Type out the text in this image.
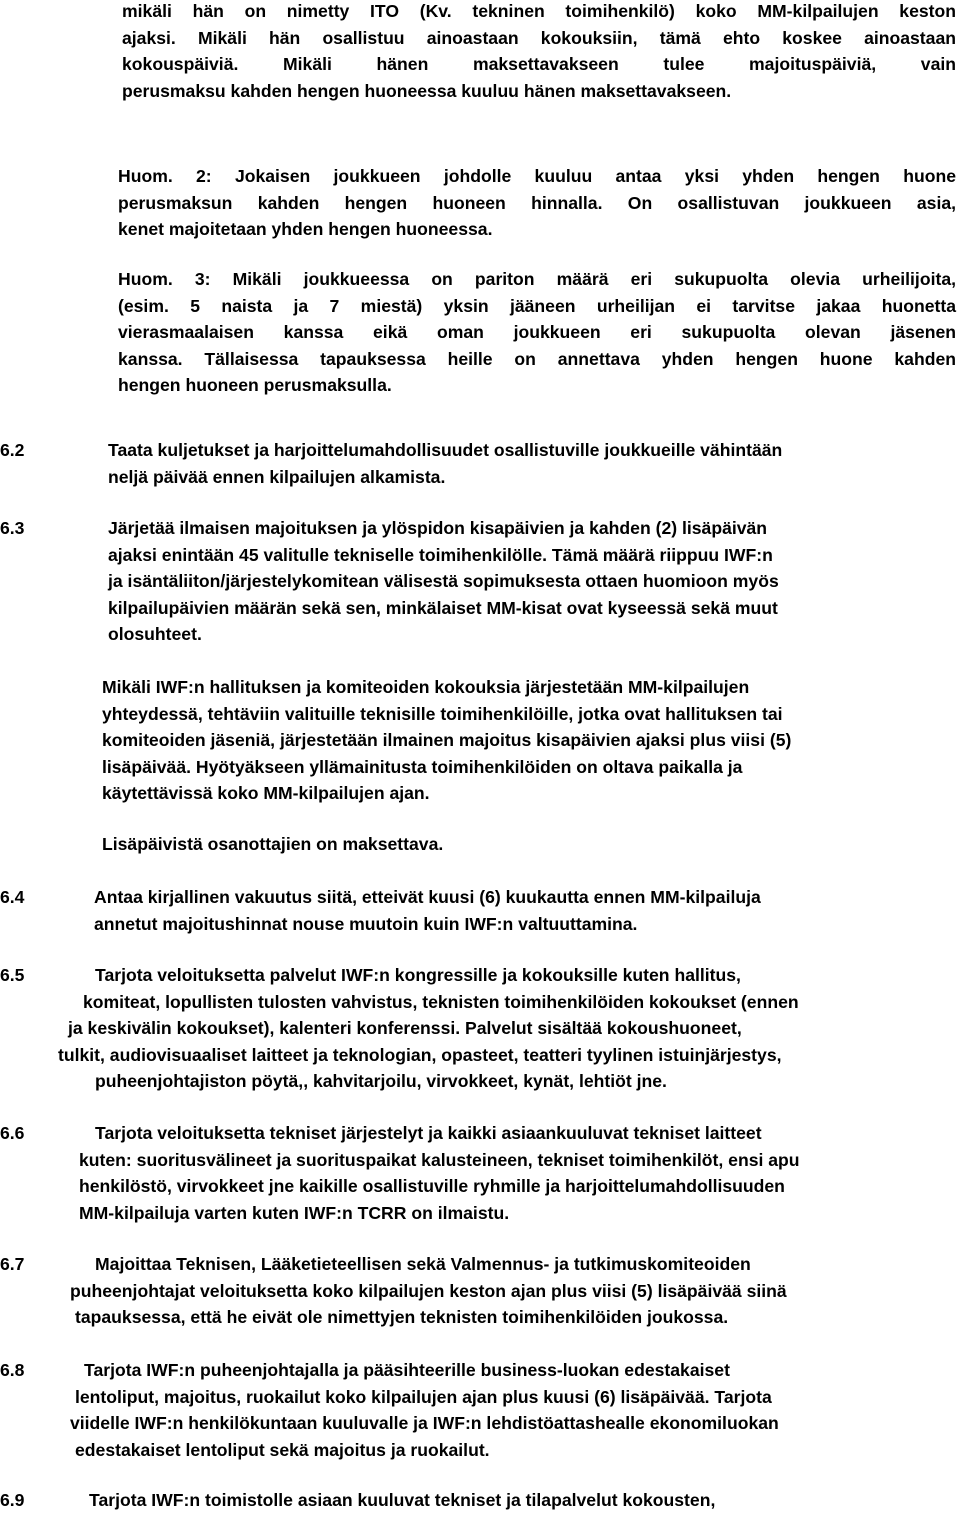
mikäli hän on nimetty ITO (Kv. tekninen toimihenkilö) koko MM-kilpailujen keston
ajaksi. Mikäli hän osallistuu ainoastaan kokouksiin, tämä ehto koskee ainoastaan
kokouspäiviä. Mikäli hänen maksettavakseen tulee majoituspäiviä, vain
perusmaksu kahden hengen huoneessa kuuluu hänen maksettavakseen.
Huom. 2: Jokaisen joukkueen johdolle kuuluu antaa yksi yhden hengen huone
perusmaksun kahden hengen huoneen hinnalla. On osallistuvan joukkueen asia,
kenet majoitetaan yhden hengen huoneessa.
Huom. 3: Mikäli joukkueessa on pariton määrä eri sukupuolta olevia urheilijoita,
(esim. 5 naista ja 7 miestä) yksin jääneen urheilijan ei tarvitse jakaa huonetta
vierasmaalaisen kanssa eikä oman joukkueen eri sukupuolta olevan jäsenen
kanssa. Tällaisessa tapauksessa heille on annettava yhden hengen huone kahden
hengen huoneen perusmaksulla.
6.2	Taata kuljetukset ja harjoittelumahdollisuudet osallistuville joukkueille vähintään
neljä päivää ennen kilpailujen alkamista.
6.3	Järjetää ilmaisen majoituksen ja ylöspidon kisapäivien ja kahden (2) lisäpäivän
ajaksi enintään 45 valitulle tekniselle toimihenkilölle. Tämä määrä riippuu IWF:n
ja isäntäliiton/järjestelykomitean välisestä sopimuksesta ottaen huomioon myös
kilpailupäivien määrän sekä sen, minkälaiset MM-kisat ovat kyseessä sekä muut
olosuhteet.
Mikäli IWF:n hallituksen ja komiteoiden kokouksia järjestetään MM-kilpailujen
yhteydessä, tehtäviin valituille teknisille toimihenkilöille, jotka ovat hallituksen tai
komiteoiden jäseniä, järjestetään ilmainen majoitus kisapäivien ajaksi plus viisi (5)
lisäpäivää. Hyötyäkseen yllämainitusta toimihenkilöiden on oltava paikalla ja
käytettävissä koko MM-kilpailujen ajan.
Lisäpäivistä osanottajien on maksettava.
6.4	Antaa kirjallinen vakuutus siitä, etteivät kuusi (6) kuukautta ennen MM-kilpailuja
annetut majoitushinnat nouse muutoin kuin IWF:n valtuuttamina.
6.5	Tarjota veloituksetta palvelut IWF:n kongressille ja kokouksille kuten hallitus,
komiteat, lopullisten tulosten vahvistus, teknisten toimihenkilöiden kokoukset (ennen
ja keskivälin kokoukset), kalenteri konferenssi. Palvelut sisältää kokoushuoneet,
tulkit, audiovisuaaliset laitteet ja teknologian, opasteet, teatteri tyylinen istuinjärjestys,
puheenjohtajiston pöytä,, kahvitarjoilu, virvokkeet, kynät, lehtiöt jne.
6.6	Tarjota veloituksetta tekniset järjestelyt ja kaikki asiaankuuluvat tekniset laitteet
kuten: suoritusvälineet ja suorituspaikat kalusteineen, tekniset toimihenkilöt, ensi apu
henkilöstö, virvokkeet jne kaikille osallistuville ryhmille ja harjoittelumahdollisuuden
MM-kilpailuja varten kuten IWF:n TCRR on ilmaistu.
6.7	Majoittaa Teknisen, Lääketieteellisen sekä Valmennus- ja tutkimuskomiteoiden
puheenjohtajat veloituksetta koko kilpailujen keston ajan plus viisi (5) lisäpäivää siinä
tapauksessa, että he eivät ole nimettyjen teknisten toimihenkilöiden joukossa.
6.8	Tarjota IWF:n puheenjohtajalla ja pääsihteerille business-luokan edestakaiset
lentoliput, majoitus, ruokailut koko kilpailujen ajan plus kuusi (6) lisäpäivää. Tarjota
viidelle IWF:n henkilökuntaan kuuluvalle ja IWF:n lehdistöattashealle ekonomiluokan
edestakaiset lentoliput sekä majoitus ja ruokailut.
6.9	Tarjota IWF:n toimistolle asiaan kuuluvat tekniset ja tilapalvelut kokousten,
